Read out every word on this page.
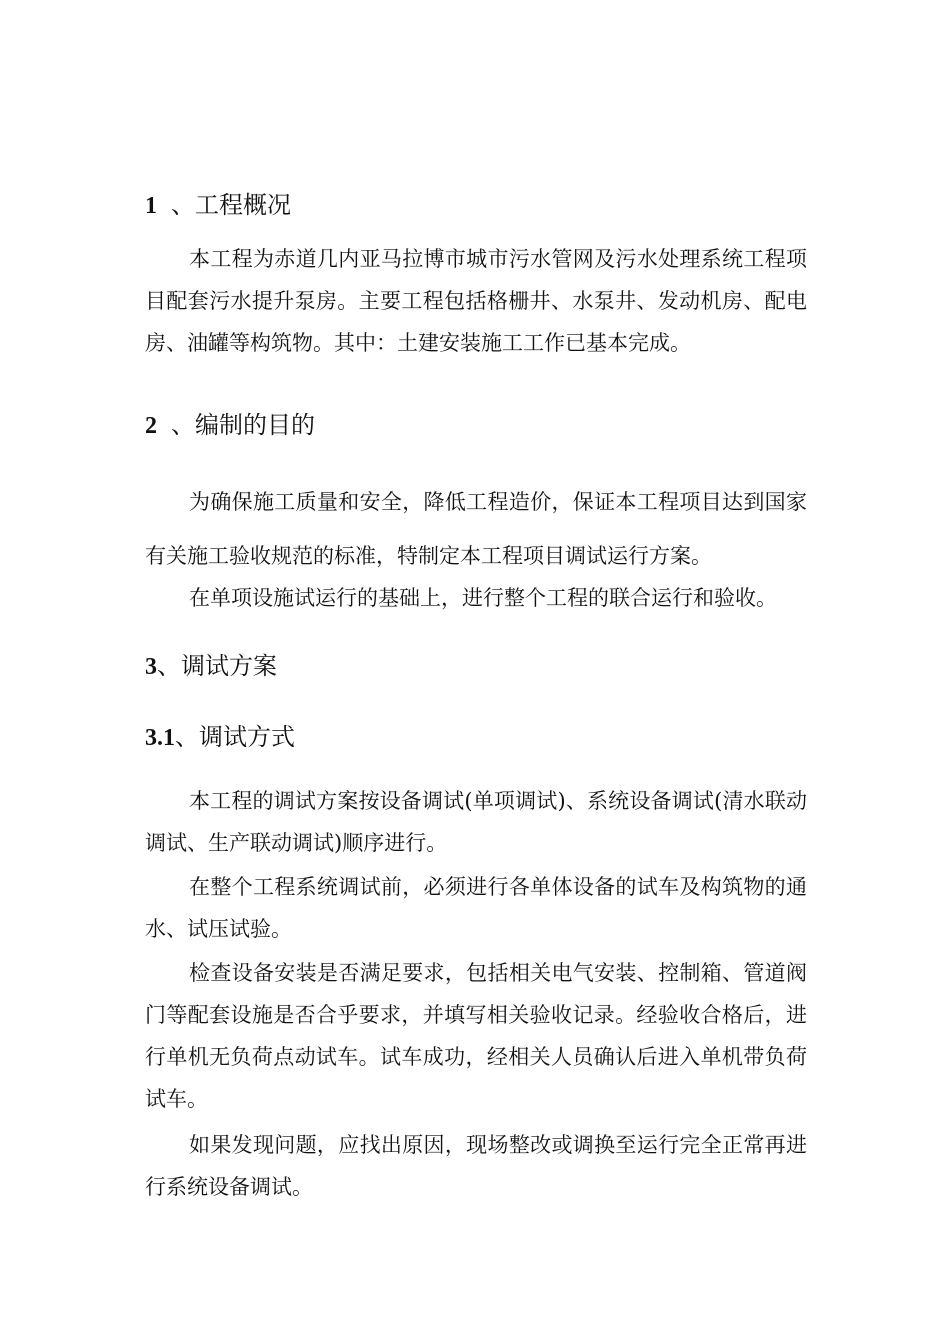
1 、工程概况

本工程为赤道几内亚马拉博市城市污水管网及污水处理系统工程项目配套污水提升泵房。主要工程包括格栅井、水泵井、发动机房、配电房、油罐等构筑物。其中：土建安装施工工作已基本完成。

2 、编制的目的

为确保施工质量和安全，降低工程造价，保证本工程项目达到国家有关施工验收规范的标准，特制定本工程项目调试运行方案。

在单项设施试运行的基础上，进行整个工程的联合运行和验收。

3、调试方案
3.1、调试方式

本工程的调试方案按设备调试(单项调试)、系统设备调试(清水联动调试、生产联动调试)顺序进行。

在整个工程系统调试前，必须进行各单体设备的试车及构筑物的通水、试压试验。

检查设备安装是否满足要求，包括相关电气安装、控制箱、管道阀门等配套设施是否合乎要求，并填写相关验收记录。经验收合格后，进行单机无负荷点动试车。试车成功，经相关人员确认后进入单机带负荷试车。

如果发现问题，应找出原因，现场整改或调换至运行完全正常再进行系统设备调试。
